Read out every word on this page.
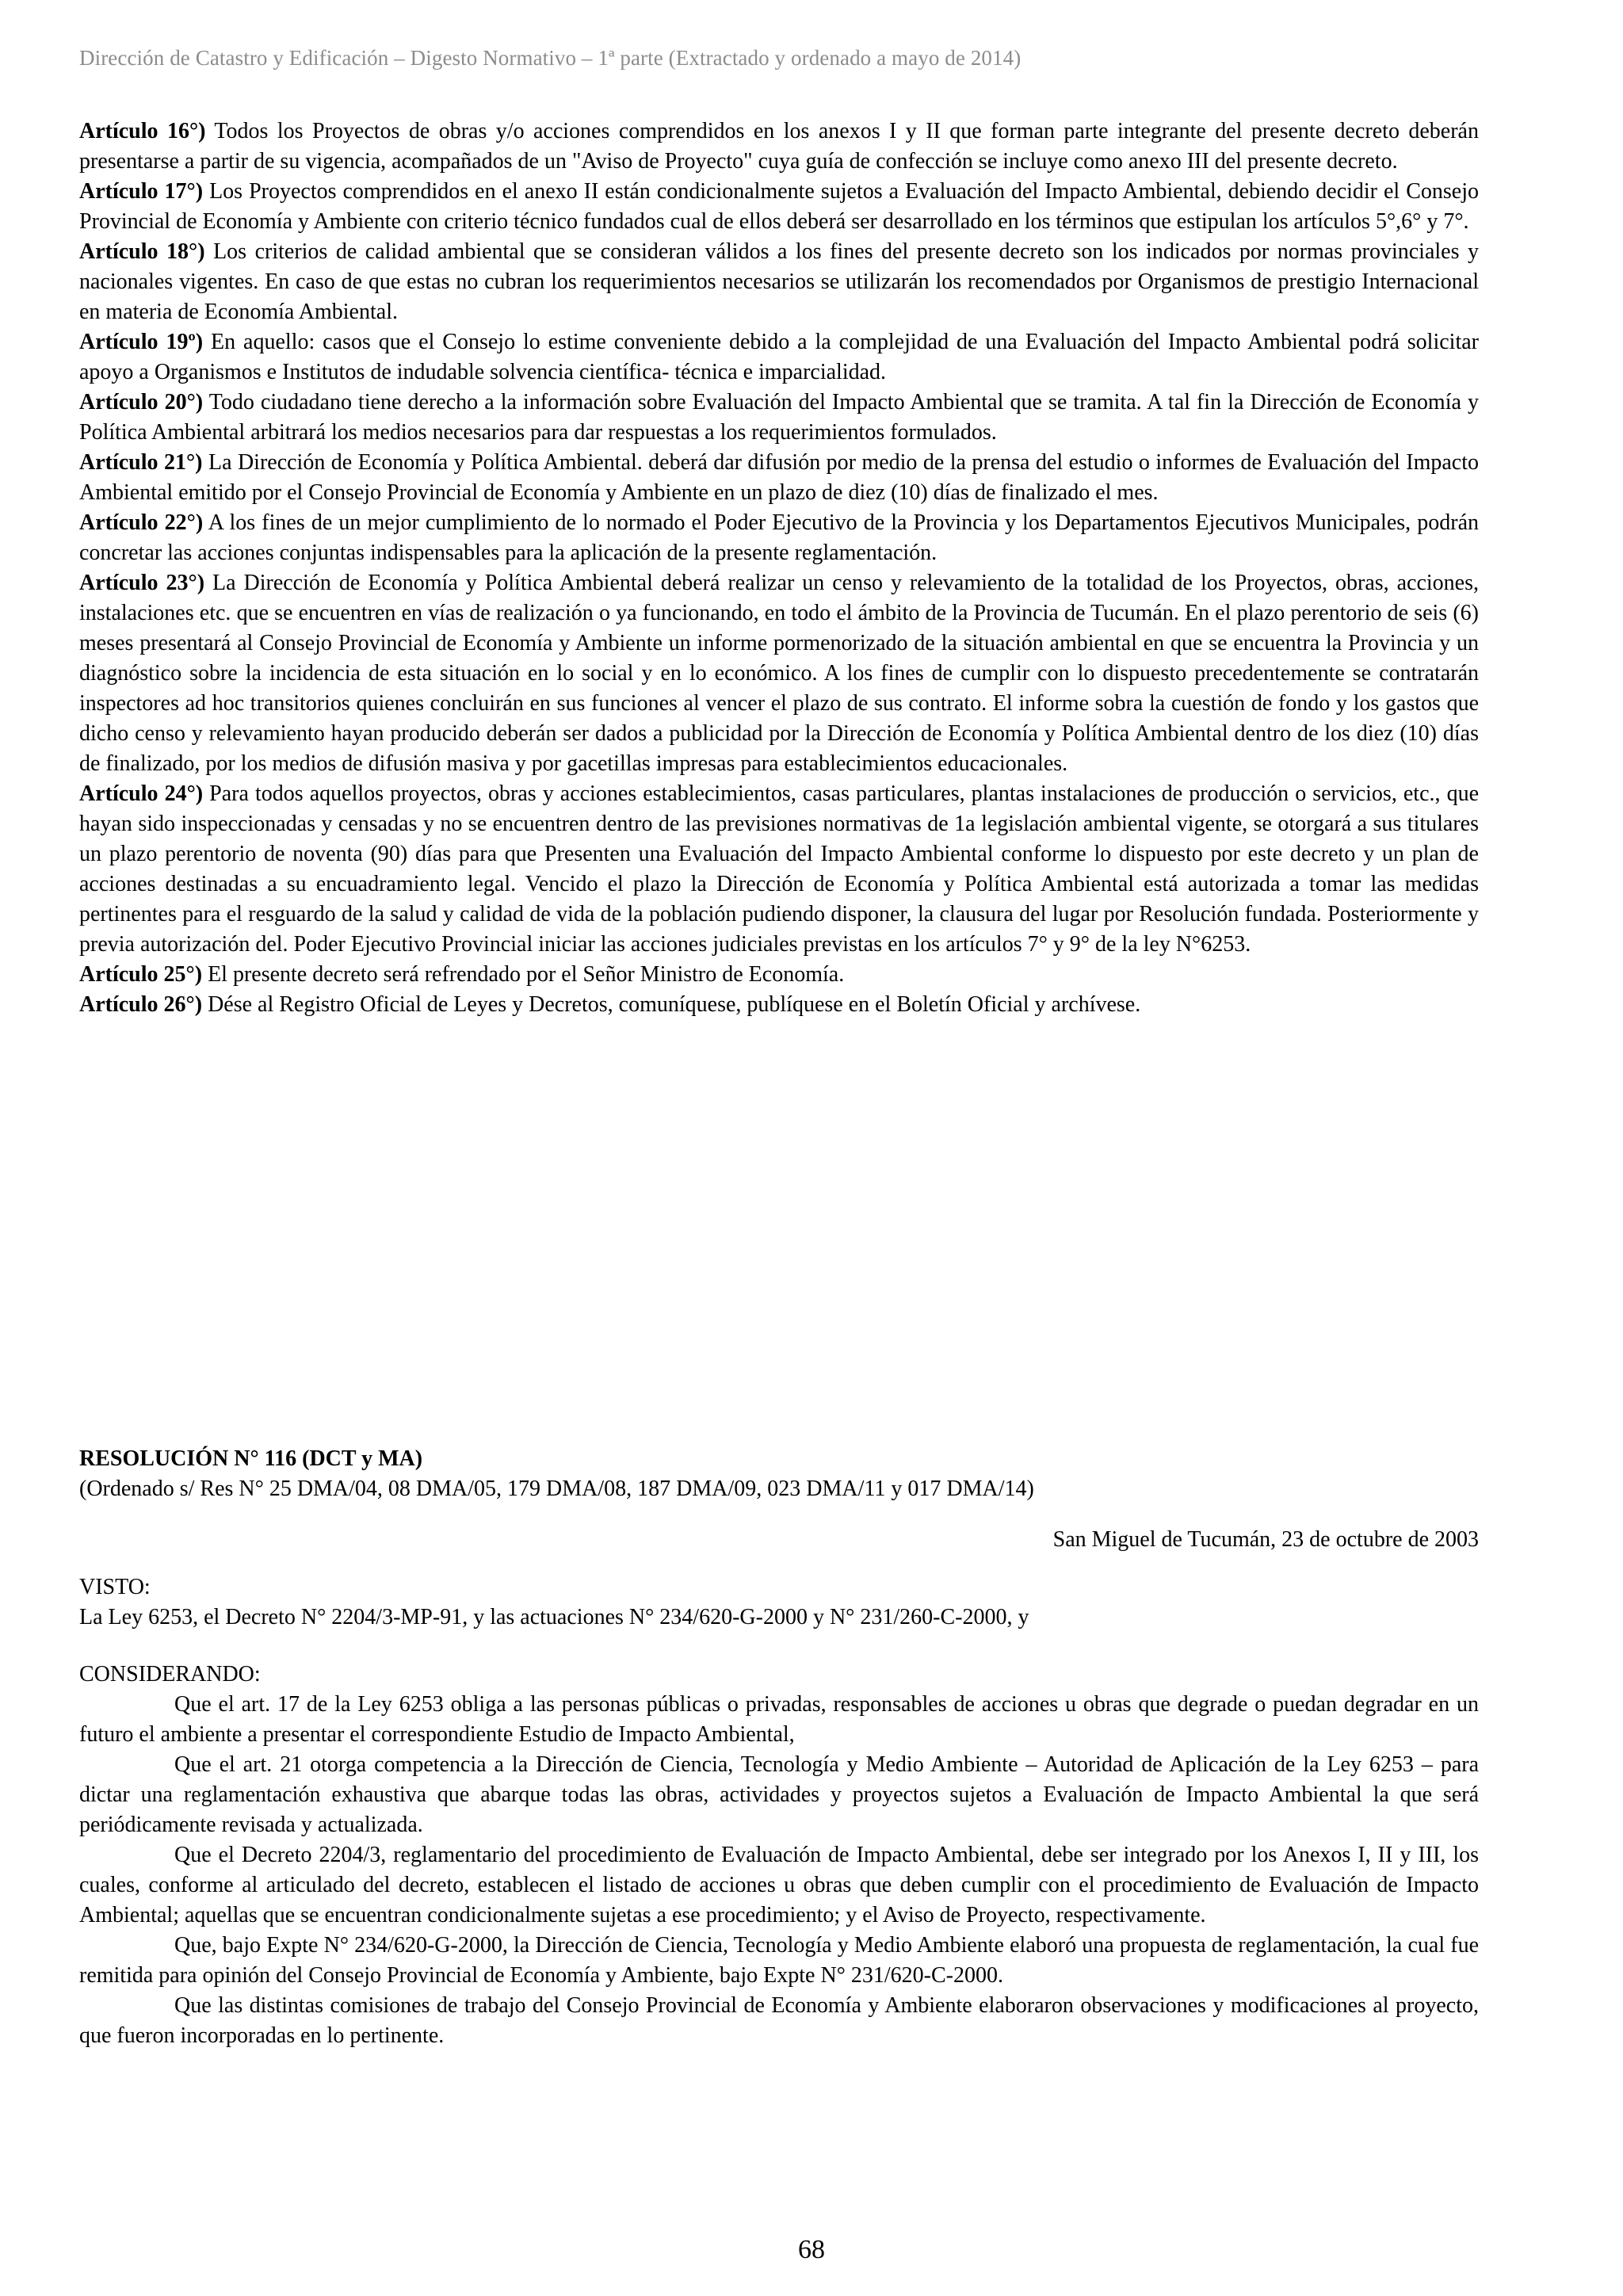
Dirección de Catastro y Edificación – Digesto Normativo – 1ª parte (Extractado y ordenado a mayo de 2014)

Artículo 16°) Todos los Proyectos de obras y/o acciones comprendidos en los anexos I y II que forman parte integrante del presente decreto deberán presentarse a partir de su vigencia, acompañados de un "Aviso de Proyecto" cuya guía de confección se incluye como anexo III del presente decreto.

Artículo 17°) Los Proyectos comprendidos en el anexo II están condicionalmente sujetos a Evaluación del Impacto Ambiental, debiendo decidir el Consejo Provincial de Economía y Ambiente con criterio técnico fundados cual de ellos deberá ser desarrollado en los términos que estipulan los artículos 5°,6° y 7°.

Artículo 18°) Los criterios de calidad ambiental que se consideran válidos a los fines del presente decreto son los indicados por normas provinciales y nacionales vigentes. En caso de que estas no cubran los requerimientos necesarios se utilizarán los recomendados por Organismos de prestigio Internacional en materia de Economía Ambiental.

Artículo 19º) En aquello: casos que el Consejo lo estime conveniente debido a la complejidad de una Evaluación del Impacto Ambiental podrá solicitar apoyo a Organismos e Institutos de indudable solvencia científica- técnica e imparcialidad.

Artículo 20°) Todo ciudadano tiene derecho a la información sobre Evaluación del Impacto Ambiental que se tramita. A tal fin la Dirección de Economía y Política Ambiental arbitrará los medios necesarios para dar respuestas a los requerimientos formulados.

Artículo 21°) La Dirección de Economía y Política Ambiental. deberá dar difusión por medio de la prensa del estudio o informes de Evaluación del Impacto Ambiental emitido por el Consejo Provincial de Economía y Ambiente en un plazo de diez (10) días de finalizado el mes.

Artículo 22°) A los fines de un mejor cumplimiento de lo normado el Poder Ejecutivo de la Provincia y los Departamentos Ejecutivos Municipales, podrán concretar las acciones conjuntas indispensables para la aplicación de la presente reglamentación.

Artículo 23°) La Dirección de Economía y Política Ambiental deberá realizar un censo y relevamiento de la totalidad de los Proyectos, obras, acciones, instalaciones etc. que se encuentren en vías de realización o ya funcionando, en todo el ámbito de la Provincia de Tucumán. En el plazo perentorio de seis (6) meses presentará al Consejo Provincial de Economía y Ambiente un informe pormenorizado de la situación ambiental en que se encuentra la Provincia y un diagnóstico sobre la incidencia de esta situación en lo social y en lo económico. A los fines de cumplir con lo dispuesto precedentemente se contratarán inspectores ad hoc transitorios quienes concluirán en sus funciones al vencer el plazo de sus contrato. El informe sobra la cuestión de fondo y los gastos que dicho censo y relevamiento hayan producido deberán ser dados a publicidad por la Dirección de Economía y Política Ambiental dentro de los diez (10) días de finalizado, por los medios de difusión masiva y por gacetillas impresas para establecimientos educacionales.

Artículo 24°) Para todos aquellos proyectos, obras y acciones establecimientos, casas particulares, plantas instalaciones de producción o servicios, etc., que hayan sido inspeccionadas y censadas y no se encuentren dentro de las previsiones normativas de 1a legislación ambiental vigente, se otorgará a sus titulares un plazo perentorio de noventa (90) días para que Presenten una Evaluación del Impacto Ambiental conforme lo dispuesto por este decreto y un plan de acciones destinadas a su encuadramiento legal. Vencido el plazo la Dirección de Economía y Política Ambiental está autorizada a tomar las medidas pertinentes para el resguardo de la salud y calidad de vida de la población pudiendo disponer, la clausura del lugar por Resolución fundada. Posteriormente y previa autorización del. Poder Ejecutivo Provincial iniciar las acciones judiciales previstas en los artículos 7° y 9° de la ley N°6253.

Artículo 25°) El presente decreto será refrendado por el Señor Ministro de Economía.

Artículo 26°) Dése al Registro Oficial de Leyes y Decretos, comuníquese, publíquese en el Boletín Oficial y archívese.

RESOLUCIÓN N° 116 (DCT y MA)

(Ordenado s/ Res N° 25 DMA/04, 08 DMA/05, 179 DMA/08, 187 DMA/09, 023 DMA/11 y 017 DMA/14)

San Miguel de Tucumán, 23 de octubre de 2003

VISTO:

La Ley 6253, el Decreto N° 2204/3-MP-91, y las actuaciones N° 234/620-G-2000 y N° 231/260-C-2000, y

CONSIDERANDO:

Que el art. 17 de la Ley 6253 obliga a las personas públicas o privadas, responsables de acciones u obras que degrade o puedan degradar en un futuro el ambiente a presentar el correspondiente Estudio de Impacto Ambiental,

Que el art. 21 otorga competencia a la Dirección de Ciencia, Tecnología y Medio Ambiente – Autoridad de Aplicación de la Ley 6253 – para dictar una reglamentación exhaustiva que abarque todas las obras, actividades y proyectos sujetos a Evaluación de Impacto Ambiental la que será periódicamente revisada y actualizada.

Que el Decreto 2204/3, reglamentario del procedimiento de Evaluación de Impacto Ambiental, debe ser integrado por los Anexos I, II y III, los cuales, conforme al articulado del decreto, establecen el listado de acciones u obras que deben cumplir con el procedimiento de Evaluación de Impacto Ambiental; aquellas que se encuentran condicionalmente sujetas a ese procedimiento; y el Aviso de Proyecto, respectivamente.

Que, bajo Expte N° 234/620-G-2000, la Dirección de Ciencia, Tecnología y Medio Ambiente elaboró una propuesta de reglamentación, la cual fue remitida para opinión del Consejo Provincial de Economía y Ambiente, bajo Expte N° 231/620-C-2000.

Que las distintas comisiones de trabajo del Consejo Provincial de Economía y Ambiente elaboraron observaciones y modificaciones al proyecto, que fueron incorporadas en lo pertinente.

68
